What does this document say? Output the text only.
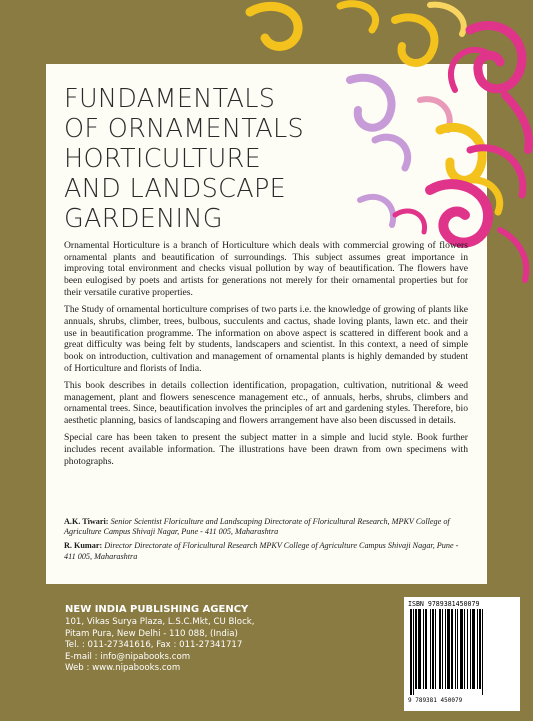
FUNDAMENTALS
OF ORNAMENTALS
HORTICULTURE
AND LANDSCAPE
GARDENING

Ornamental Horticulture is a branch of Horticulture which deals with commercial growing of flowers ornamental plants and beautification of surroundings. This subject assumes great importance in improving total environment and checks visual pollution by way of beautification. The flowers have been eulogised by poets and artists for generations not merely for their ornamental properties but for their versatile curative properties.

The Study of ornamental horticulture comprises of two parts i.e. the knowledge of growing of plants like annuals, shrubs, climber, trees, bulbous, succulents and cactus, shade loving plants, lawn etc. and their use in beautification programme. The information on above aspect is scattered in different book and a great difficulty was being felt by students, landscapers and scientist. In this context, a need of simple book on introduction, cultivation and management of ornamental plants is highly demanded by student of Horticulture and florists of India.

This book describes in details collection identification, propagation, cultivation, nutritional & weed management, plant and flowers senescence management etc., of annuals, herbs, shrubs, climbers and ornamental trees. Since, beautification involves the principles of art and gardening styles. Therefore, bio aesthetic planning, basics of landscaping and flowers arrangement have also been discussed in details.

Special care has been taken to present the subject matter in a simple and lucid style. Book further includes recent available information. The illustrations have been drawn from own specimens with photographs.

A.K. Tiwari: Senior Scientist Floriculture and Landscaping Directorate of Floricultural Research, MPKV College of Agriculture Campus Shivaji Nagar, Pune - 411 005, Maharashtra

R. Kumar: Director Directorate of Floricultural Research MPKV College of Agriculture Campus Shivaji Nagar, Pune - 411 005, Maharashtra

NEW INDIA PUBLISHING AGENCY
101, Vikas Surya Plaza, L.S.C.Mkt, CU Block,
Pitam Pura, New Delhi - 110 088, (India)
Tel. : 011-27341616, Fax : 011-27341717
E-mail : info@nipabooks.com
Web : www.nipabooks.com
ISBN 9789381450079
9 789381 450079
